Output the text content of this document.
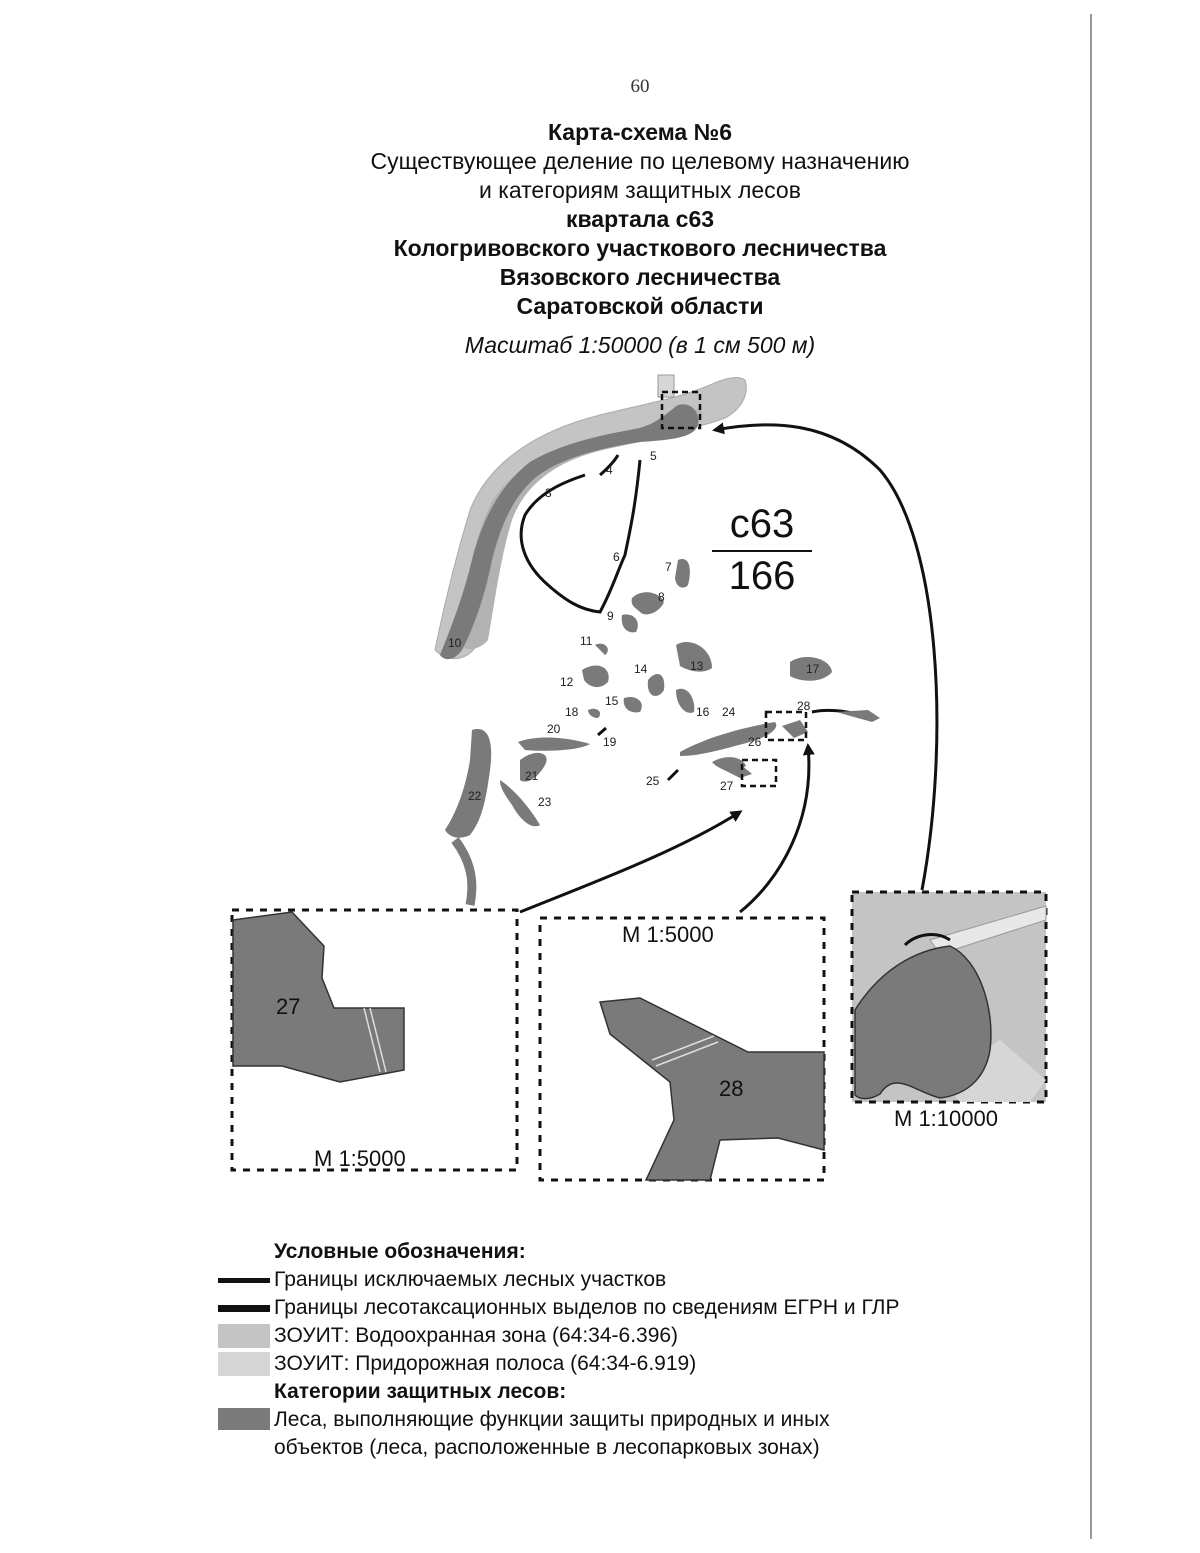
60
Карта-схема №6
Существующее деление по целевому назначению
и категориям защитных лесов
квартала с63
Кологривовского участкового лесничества
Вязовского лесничества
Саратовской области
Масштаб 1:50000 (в 1 см 500 м)
3
4
5
6
7
8
9
10	11
12
13
14
15
16
17
18
19
20
21
22	23
24
25
26
27
28
с63
166
27
М 1:5000
М 1:5000
28
М 1:10000
Условные обозначения:
Границы исключаемых лесных участков
Границы лесотаксационных выделов по сведениям ЕГРН и ГЛР
ЗОУИТ: Водоохранная зона (64:34-6.396)
ЗОУИТ: Придорожная полоса (64:34-6.919)
Категории защитных лесов:
Леса, выполняющие функции защиты природных и иных
объектов (леса, расположенные в лесопарковых зонах)
